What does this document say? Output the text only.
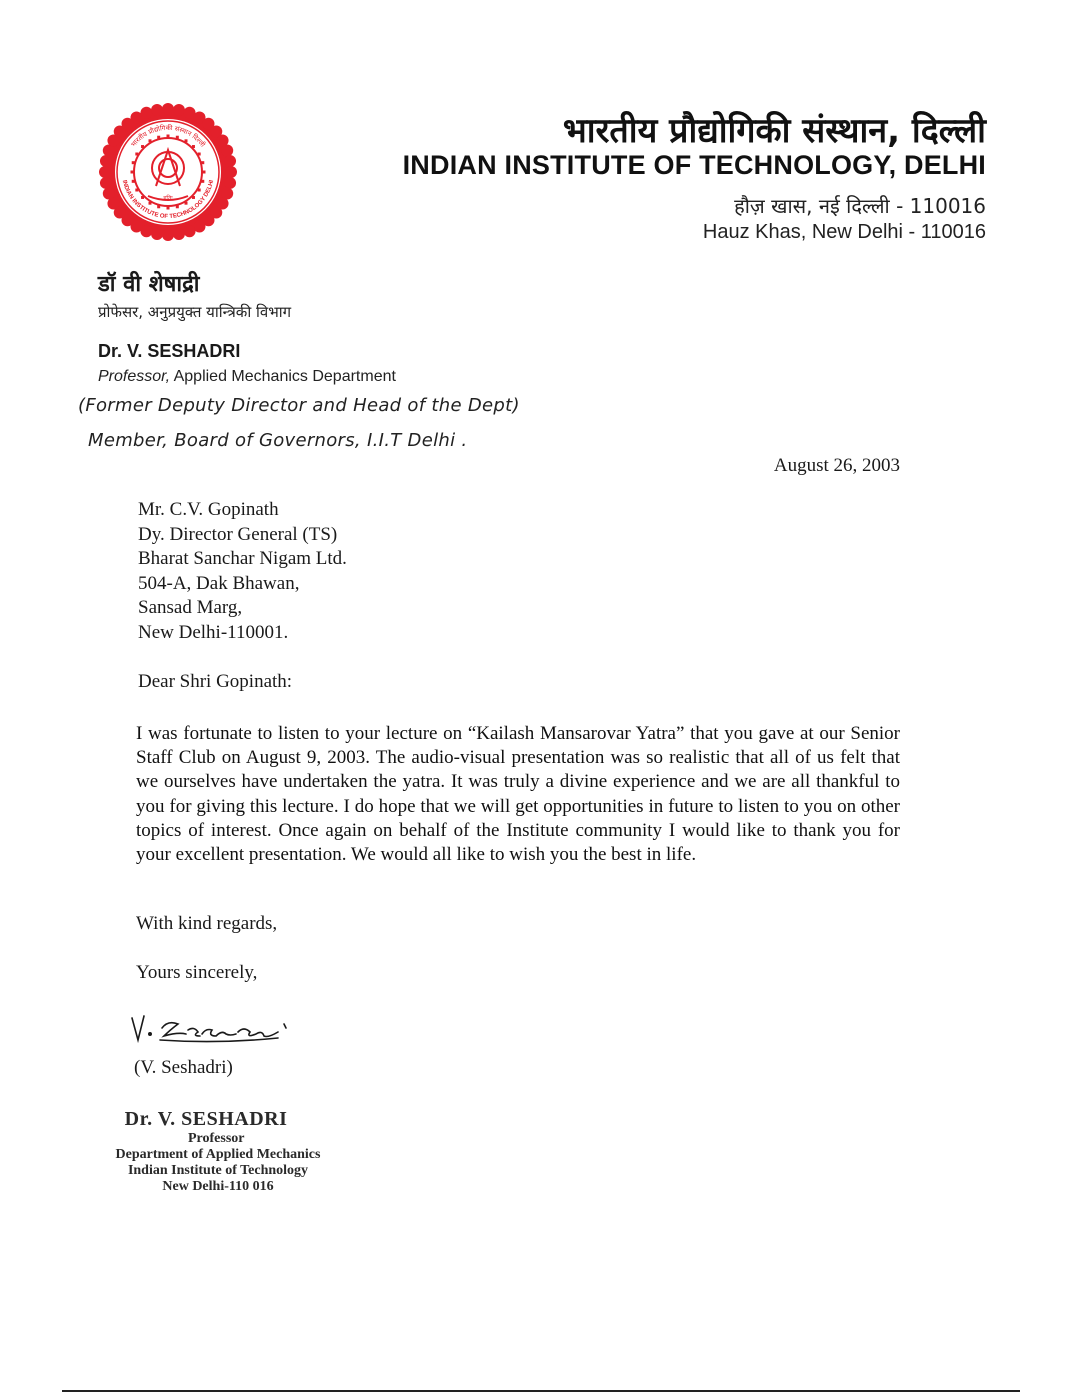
इतिः
भारतीय प्रौद्योगिकी संस्थान दिल्ली
INDIAN INSTITUTE OF TECHNOLOGY DELHI
भारतीय प्रौद्योगिकी संस्थान, दिल्ली
INDIAN INSTITUTE OF TECHNOLOGY, DELHI
हौज़ खास, नई दिल्ली - 110016
Hauz Khas, New Delhi - 110016
डॉ वी शेषाद्री
प्रोफेसर, अनुप्रयुक्त यान्त्रिकी विभाग
Dr. V. SESHADRI
Professor, Applied Mechanics Department
(Former Deputy Director and Head of the Dept)
Member, Board of Governors, I.I.T Delhi .
August 26, 2003
Mr. C.V. Gopinath
Dy. Director General (TS)
Bharat Sanchar Nigam Ltd.
504-A, Dak Bhawan,
Sansad Marg,
New Delhi-110001.
Dear Shri Gopinath:

I was fortunate to listen to your lecture on “Kailash Mansarovar Yatra” that you gave at our Senior Staff Club on August 9, 2003. The audio-visual presentation was so realistic that all of us felt that we ourselves have undertaken the yatra. It was truly a divine experience and we are all thankful to you for giving this lecture. I do hope that we will get opportunities in future to listen to you on other topics of interest. Once again on behalf of the Institute community I would like to thank you for your excellent presentation. We would all like to wish you the best in life.

With kind regards,
Yours sincerely,
(V. Seshadri)
Dr. V. SESHADRI
Professor
Department of Applied Mechanics
Indian Institute of Technology
New Delhi-110 016
